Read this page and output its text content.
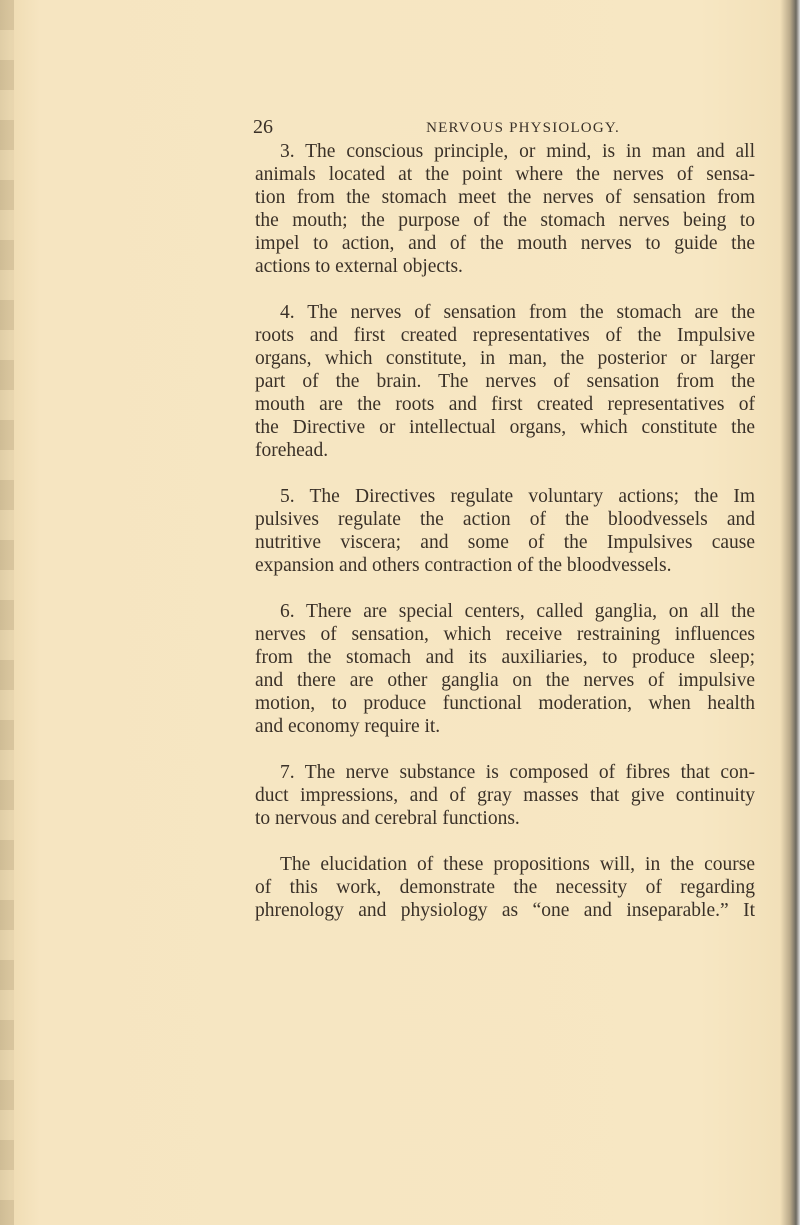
26	NERVOUS PHYSIOLOGY.
3. The conscious principle, or mind, is in man and all
animals located at the point where the nerves of sensa-
tion from the stomach meet the nerves of sensation from
the mouth; the purpose of the stomach nerves being to
impel to action, and of the mouth nerves to guide the
actions to external objects.
4. The nerves of sensation from the stomach are the
roots and first created representatives of the Impulsive
organs, which constitute, in man, the posterior or larger
part of the brain. The nerves of sensation from the
mouth are the roots and first created representatives of
the Directive or intellectual organs, which constitute the
forehead.
5. The Directives regulate voluntary actions; the Im
pulsives regulate the action of the bloodvessels and
nutritive viscera; and some of the Impulsives cause
expansion and others contraction of the bloodvessels.
6. There are special centers, called ganglia, on all the
nerves of sensation, which receive restraining influences
from the stomach and its auxiliaries, to produce sleep;
and there are other ganglia on the nerves of impulsive
motion, to produce functional moderation, when health
and economy require it.
7. The nerve substance is composed of fibres that con-
duct impressions, and of gray masses that give continuity
to nervous and cerebral functions.
The elucidation of these propositions will, in the course
of this work, demonstrate the necessity of regarding
phrenology and physiology as “one and inseparable.” It
